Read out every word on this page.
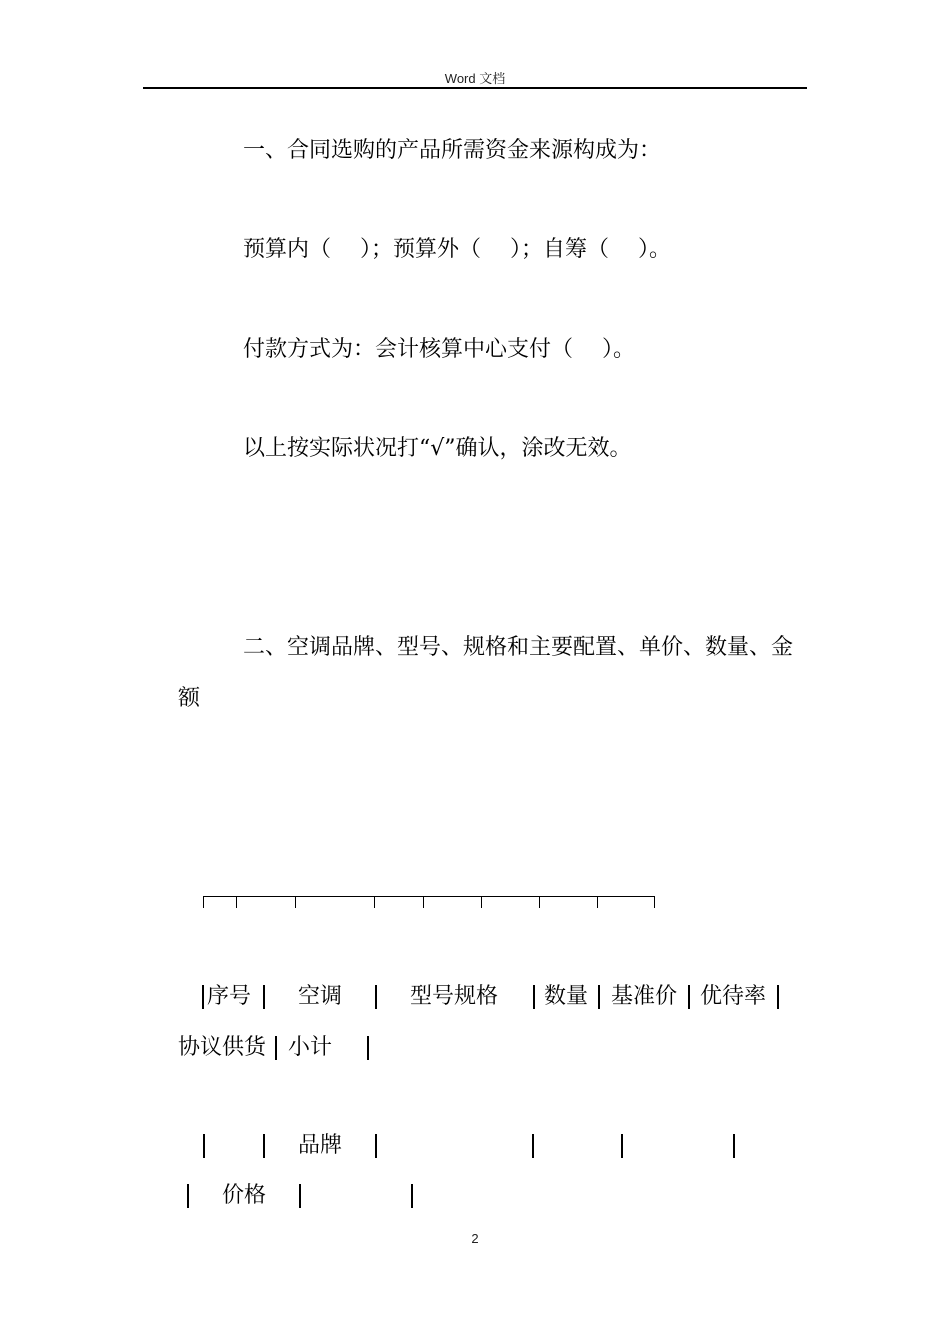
Word 文档
一、合同选购的产品所需资金来源构成为：
预算内（　 ）；预算外（　 ）；自筹（　 ）。
付款方式为：会计核算中心支付（　 ）。
以上按实际状况打“√”确认，涂改无效。
二、空调品牌、型号、规格和主要配置、单价、数量、金
额
序号 空调	型号规格 数量 基准价 优待率
协议供货 小计
品牌
价格
2
